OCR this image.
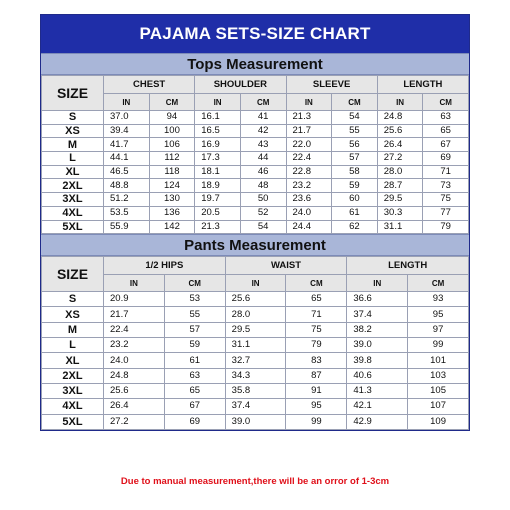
PAJAMA SETS-SIZE CHART
Tops Measurement
SIZE	CHEST		SHOULDER		SLEEVE		LENGTH	
	IN	CM	IN	CM	IN	CM	IN	CM
S	37.0	94	16.1	41	21.3	54	24.8	63
XS	39.4	100	16.5	42	21.7	55	25.6	65
M	41.7	106	16.9	43	22.0	56	26.4	67
L	44.1	112	17.3	44	22.4	57	27.2	69
XL	46.5	118	18.1	46	22.8	58	28.0	71
2XL	48.8	124	18.9	48	23.2	59	28.7	73
3XL	51.2	130	19.7	50	23.6	60	29.5	75
4XL	53.5	136	20.5	52	24.0	61	30.3	77
5XL	55.9	142	21.3	54	24.4	62	31.1	79
Pants Measurement
SIZE	1/2 HIPS		WAIST		LENGTH	
	IN	CM	IN	CM	IN	CM
S	20.9	53	25.6	65	36.6	93
XS	21.7	55	28.0	71	37.4	95
M	22.4	57	29.5	75	38.2	97
L	23.2	59	31.1	79	39.0	99
XL	24.0	61	32.7	83	39.8	101
2XL	24.8	63	34.3	87	40.6	103
3XL	25.6	65	35.8	91	41.3	105
4XL	26.4	67	37.4	95	42.1	107
5XL	27.2	69	39.0	99	42.9	109
Due to manual measurement,there will be an orror of 1-3cm
